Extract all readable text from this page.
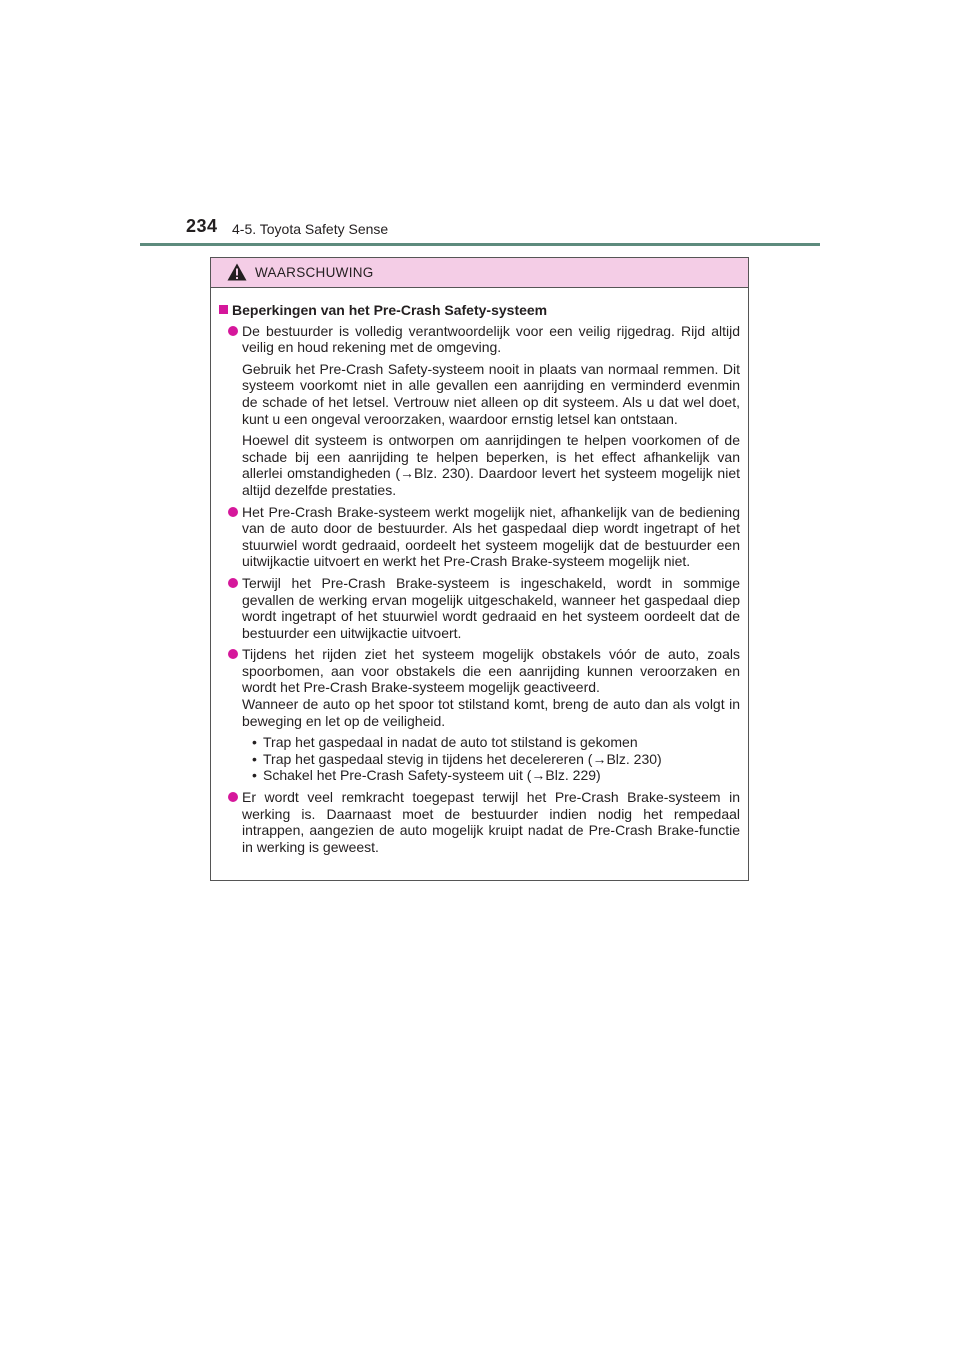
234 4-5. Toyota Safety Sense
WAARSCHUWING
Beperkingen van het Pre-Crash Safety-systeem

De bestuurder is volledig verantwoordelijk voor een veilig rijgedrag. Rijd altijd veilig en houd rekening met de omgeving.

Gebruik het Pre-Crash Safety-systeem nooit in plaats van normaal remmen. Dit systeem voorkomt niet in alle gevallen een aanrijding en verminderd evenmin de schade of het letsel. Vertrouw niet alleen op dit systeem. Als u dat wel doet, kunt u een ongeval veroorzaken, waardoor ernstig letsel kan ontstaan.

Hoewel dit systeem is ontworpen om aanrijdingen te helpen voorkomen of de schade bij een aanrijding te helpen beperken, is het effect afhankelijk van allerlei omstandigheden (→Blz. 230). Daardoor levert het systeem mogelijk niet altijd dezelfde prestaties.

Het Pre-Crash Brake-systeem werkt mogelijk niet, afhankelijk van de bediening van de auto door de bestuurder. Als het gaspedaal diep wordt ingetrapt of het stuurwiel wordt gedraaid, oordeelt het systeem mogelijk dat de bestuurder een uitwijkactie uitvoert en werkt het Pre-Crash Brake-systeem mogelijk niet.

Terwijl het Pre-Crash Brake-systeem is ingeschakeld, wordt in sommige gevallen de werking ervan mogelijk uitgeschakeld, wanneer het gaspedaal diep wordt ingetrapt of het stuurwiel wordt gedraaid en het systeem oordeelt dat de bestuurder een uitwijkactie uitvoert.

Tijdens het rijden ziet het systeem mogelijk obstakels vóór de auto, zoals spoorbomen, aan voor obstakels die een aanrijding kunnen veroorzaken en wordt het Pre-Crash Brake-systeem mogelijk geactiveerd.

Wanneer de auto op het spoor tot stilstand komt, breng de auto dan als volgt in beweging en let op de veiligheid.

• Trap het gaspedaal in nadat de auto tot stilstand is gekomen
• Trap het gaspedaal stevig in tijdens het decelereren (→Blz. 230)
• Schakel het Pre-Crash Safety-systeem uit (→Blz. 229)

Er wordt veel remkracht toegepast terwijl het Pre-Crash Brake-systeem in werking is. Daarnaast moet de bestuurder indien nodig het rempedaal intrappen, aangezien de auto mogelijk kruipt nadat de Pre-Crash Brake-functie in werking is geweest.
